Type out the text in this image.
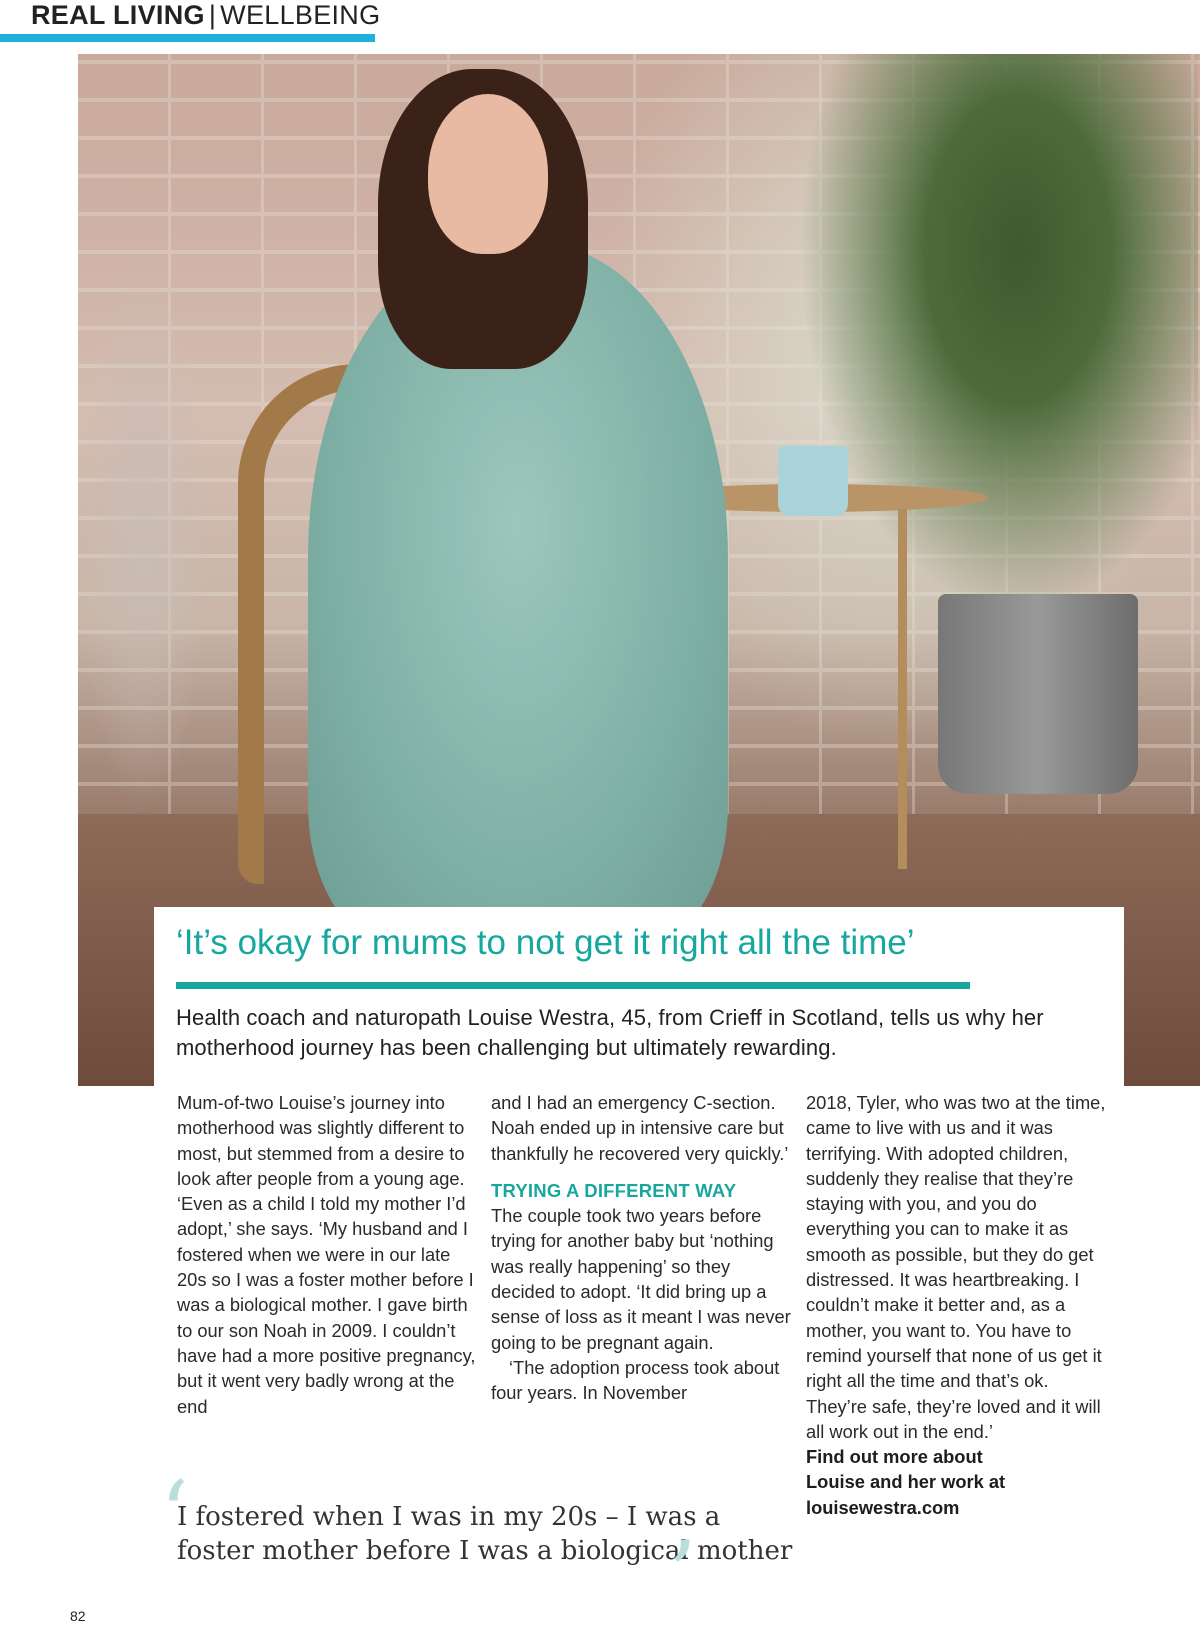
REAL LIVING | WELLBEING
‘It’s okay for mums to not get it right all the time’
Health coach and naturopath Louise Westra, 45, from Crieff in Scotland, tells us why her motherhood journey has been challenging but ultimately rewarding.

Mum-of-two Louise’s journey into motherhood was slightly different to most, but stemmed from a desire to look after people from a young age. ‘Even as a child I told my mother I’d adopt,’ she says. ‘My husband and I fostered when we were in our late 20s so I was a foster mother before I was a biological mother. I gave birth to our son Noah in 2009. I couldn’t have had a more positive pregnancy, but it went very badly wrong at the end

and I had an emergency C-section. Noah ended up in intensive care but thankfully he recovered very quickly.’

TRYING A DIFFERENT WAY

The couple took two years before trying for another baby but ‘nothing was really happening’ so they decided to adopt. ‘It did bring up a sense of loss as it meant I was never going to be pregnant again.

‘The adoption process took about four years. In November

2018, Tyler, who was two at the time, came to live with us and it was terrifying. With adopted children, suddenly they realise that they’re staying with you, and you do everything you can to make it as smooth as possible, but they do get distressed. It was heartbreaking. I couldn’t make it better and, as a mother, you want to. You have to remind yourself that none of us get it right all the time and that’s ok. They’re safe, they’re loved and it will all work out in the end.’

Find out more about Louise and her work at louisewestra.com

‘
I fostered when I was in my 20s – I was a foster mother before I was a biological mother
’
82
